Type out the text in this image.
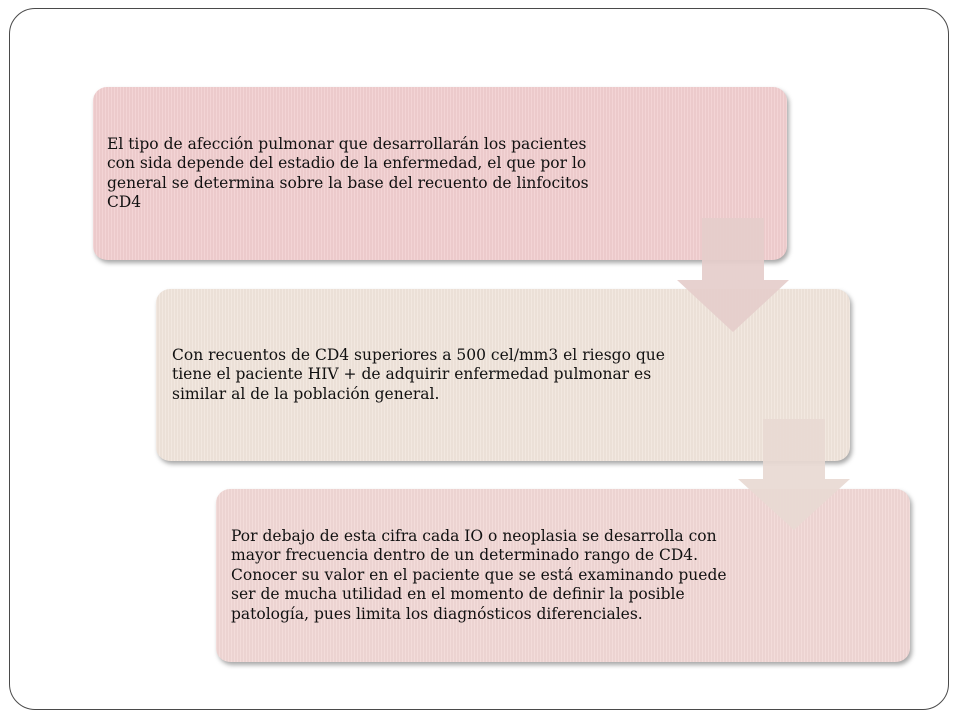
El tipo de afección pulmonar que desarrollarán los pacientes con sida depende del estadio de la enfermedad, el que por lo general se determina sobre la base del recuento de linfocitos CD4
Con recuentos de CD4 superiores a 500 cel/mm3 el riesgo que tiene el paciente HIV + de adquirir enfermedad pulmonar es similar al de la población general.
Por debajo de esta cifra cada IO o neoplasia se desarrolla con mayor frecuencia dentro de un determinado rango de CD4. Conocer su valor en el paciente que se está examinando puede ser de mucha utilidad en el momento de definir la posible patología, pues limita los diagnósticos diferenciales.
